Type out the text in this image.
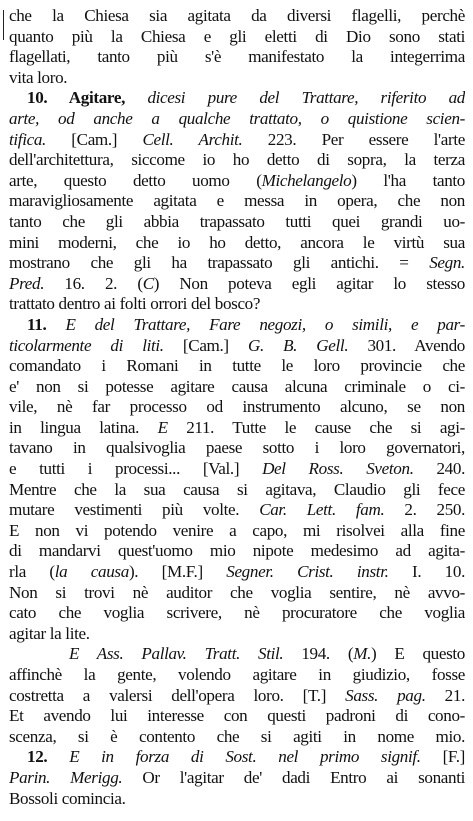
che la Chiesa sia agitata da diversi flagelli, perchè
quanto più la Chiesa e gli eletti di Dio sono stati
flagellati, tanto più s'è manifestato la integerrima
vita loro.
10. Agitare, dicesi pure del Trattare, riferito ad
arte, od anche a qualche trattato, o quistione scien-
tifica. [Cam.] Cell. Archit. 223. Per essere l'arte
dell'architettura, siccome io ho detto di sopra, la terza
arte, questo detto uomo (Michelangelo) l'ha tanto
maravigliosamente agitata e messa in opera, che non
tanto che gli abbia trapassato tutti quei grandi uo-
mini moderni, che io ho detto, ancora le virtù sua
mostrano che gli ha trapassato gli antichi. = Segn.
Pred. 16. 2. (C) Non poteva egli agitar lo stesso
trattato dentro ai folti orrori del bosco?
11. E del Trattare, Fare negozi, o simili, e par-
ticolarmente di liti. [Cam.] G. B. Gell. 301. Avendo
comandato i Romani in tutte le loro provincie che
e' non si potesse agitare causa alcuna criminale o ci-
vile, nè far processo od instrumento alcuno, se non
in lingua latina. E 211. Tutte le cause che si agi-
tavano in qualsivoglia paese sotto i loro governatori,
e tutti i processi... [Val.] Del Ross. Sveton. 240.
Mentre che la sua causa si agitava, Claudio gli fece
mutare vestimenti più volte. Car. Lett. fam. 2. 250.
E non vi potendo venire a capo, mi risolvei alla fine
di mandarvi quest'uomo mio nipote medesimo ad agita-
rla (la causa). [M.F.] Segner. Crist. instr. I. 10.
Non si trovi nè auditor che voglia sentire, nè avvo-
cato che voglia scrivere, nè procuratore che voglia
agitar la lite.
E Ass. Pallav. Tratt. Stil. 194. (M.) E questo
affinchè la gente, volendo agitare in giudizio, fosse
costretta a valersi dell'opera loro. [T.] Sass. pag. 21.
Et avendo lui interesse con questi padroni di cono-
scenza, si è contento che si agiti in nome mio.
12. E in forza di Sost. nel primo signif. [F.]
Parin. Merigg. Or l'agitar de' dadi Entro ai sonanti
Bossoli comincia.
